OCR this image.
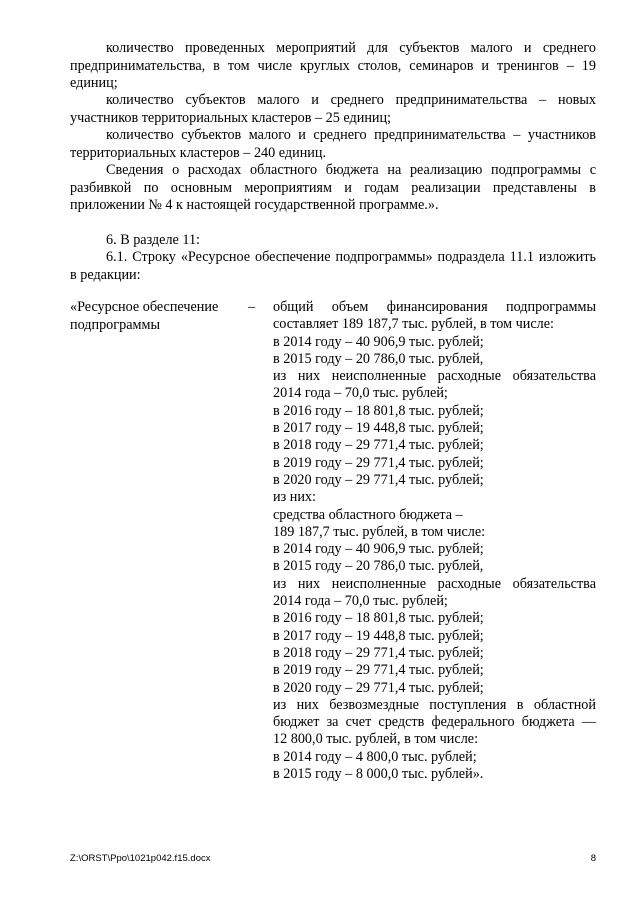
количество проведенных мероприятий для субъектов малого и среднего предпринимательства, в том числе круглых столов, семинаров и тренингов – 19 единиц;

количество субъектов малого и среднего предпринимательства – новых участников территориальных кластеров – 25 единиц;

количество субъектов малого и среднего предпринимательства – участников территориальных кластеров – 240 единиц.

Сведения о расходах областного бюджета на реализацию подпрограммы с разбивкой по основным мероприятиям и годам реализации представлены в приложении № 4 к настоящей государственной программе.».

6. В разделе 11:

6.1. Строку «Ресурсное обеспечение подпрограммы» подраздела 11.1 изложить в редакции:

«Ресурсное обеспечение
подпрограммы
– общий объем финансирования подпрограммы
составляет 189 187,7 тыс. рублей, в том числе:
в 2014 году – 40 906,9 тыс. рублей;
в 2015 году – 20 786,0 тыс. рублей,
из них неисполненные расходные обязательства
2014 года – 70,0 тыс. рублей;
в 2016 году – 18 801,8 тыс. рублей;
в 2017 году – 19 448,8 тыс. рублей;
в 2018 году – 29 771,4 тыс. рублей;
в 2019 году – 29 771,4 тыс. рублей;
в 2020 году – 29 771,4 тыс. рублей;
из них:
средства областного бюджета –
189 187,7 тыс. рублей, в том числе:
в 2014 году – 40 906,9 тыс. рублей;
в 2015 году – 20 786,0 тыс. рублей,
из них неисполненные расходные обязательства
2014 года – 70,0 тыс. рублей;
в 2016 году – 18 801,8 тыс. рублей;
в 2017 году – 19 448,8 тыс. рублей;
в 2018 году – 29 771,4 тыс. рублей;
в 2019 году – 29 771,4 тыс. рублей;
в 2020 году – 29 771,4 тыс. рублей;
из них безвозмездные поступления в областной
бюджет за счет средств федерального бюджета —
12 800,0 тыс. рублей, в том числе:
в 2014 году – 4 800,0 тыс. рублей;
в 2015 году – 8 000,0 тыс. рублей».
Z:\ORST\Ppo\1021p042.f15.docx	8
